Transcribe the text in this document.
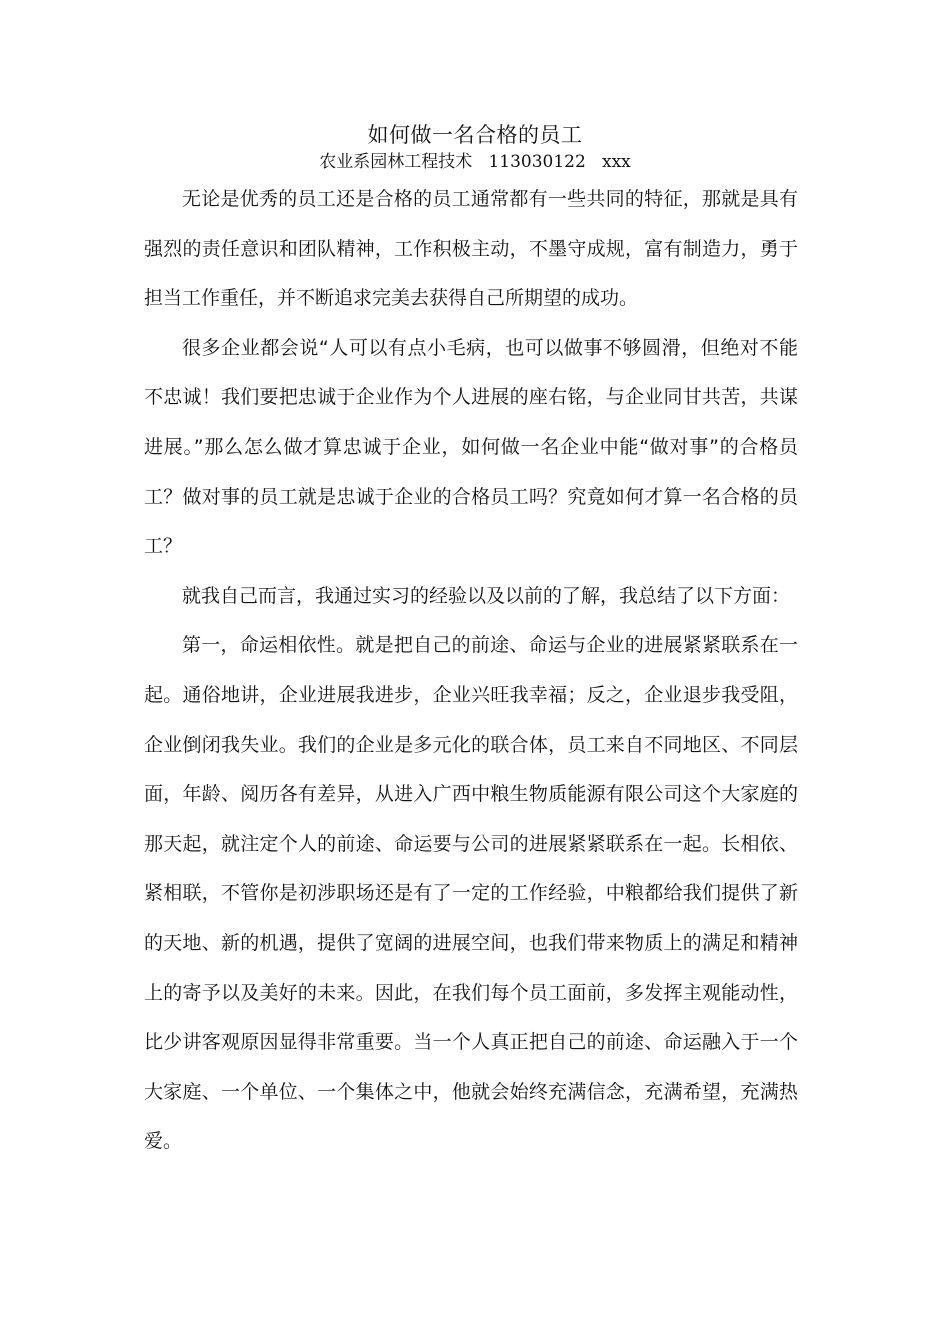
如何做一名合格的员工
农业系园林工程技术   113030122   xxx

无论是优秀的员工还是合格的员工通常都有一些共同的特征，那就是具有强烈的责任意识和团队精神，工作积极主动，不墨守成规，富有制造力，勇于担当工作重任，并不断追求完美去获得自己所期望的成功。

很多企业都会说“人可以有点小毛病，也可以做事不够圆滑，但绝对不能不忠诚！我们要把忠诚于企业作为个人进展的座右铭，与企业同甘共苦，共谋进展。”那么怎么做才算忠诚于企业，如何做一名企业中能“做对事”的合格员工？做对事的员工就是忠诚于企业的合格员工吗？究竟如何才算一名合格的员工？

就我自己而言，我通过实习的经验以及以前的了解，我总结了以下方面：

第一，命运相依性。就是把自己的前途、命运与企业的进展紧紧联系在一起。通俗地讲，企业进展我进步，企业兴旺我幸福；反之，企业退步我受阻，企业倒闭我失业。我们的企业是多元化的联合体，员工来自不同地区、不同层面，年龄、阅历各有差异，从进入广西中粮生物质能源有限公司这个大家庭的那天起，就注定个人的前途、命运要与公司的进展紧紧联系在一起。长相依、紧相联，不管你是初涉职场还是有了一定的工作经验，中粮都给我们提供了新的天地、新的机遇，提供了宽阔的进展空间，也我们带来物质上的满足和精神上的寄予以及美好的未来。因此，在我们每个员工面前，多发挥主观能动性，比少讲客观原因显得非常重要。当一个人真正把自己的前途、命运融入于一个大家庭、一个单位、一个集体之中，他就会始终充满信念，充满希望，充满热爱。
